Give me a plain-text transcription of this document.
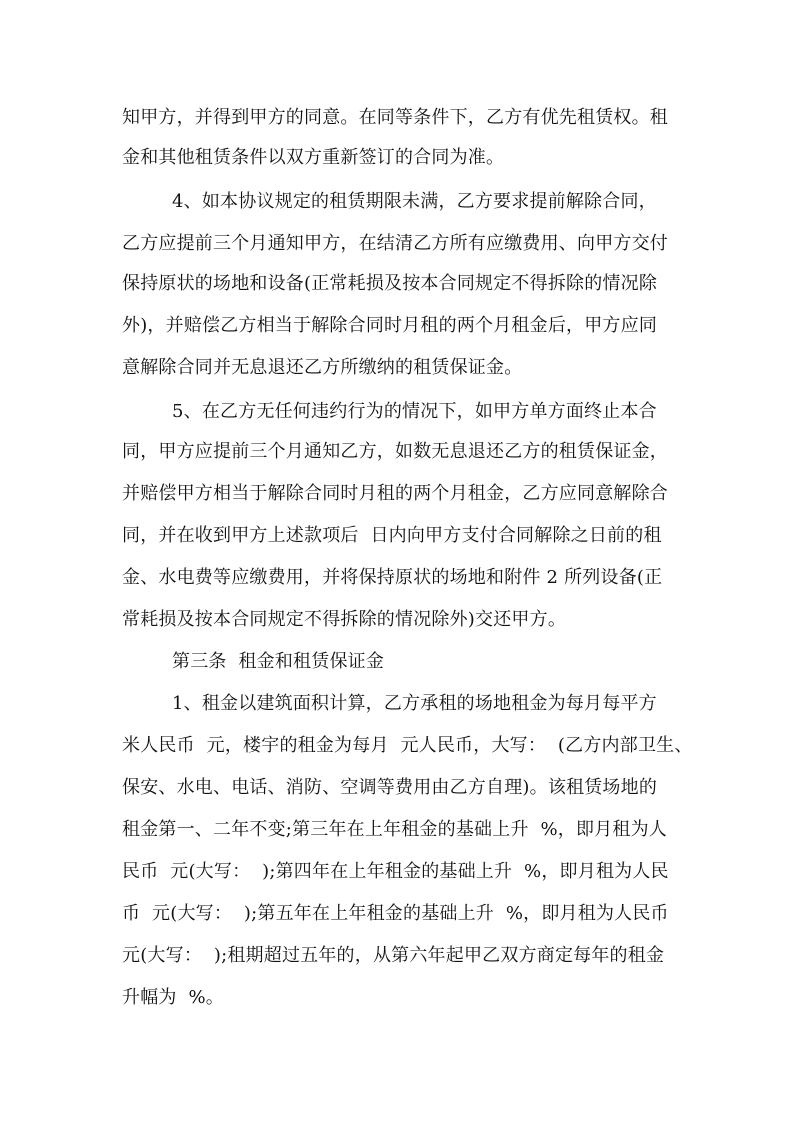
知甲方，并得到甲方的同意。在同等条件下，乙方有优先租赁权。租
金和其他租赁条件以双方重新签订的合同为准。
4、如本协议规定的租赁期限未满，乙方要求提前解除合同，
乙方应提前三个月通知甲方，在结清乙方所有应缴费用、向甲方交付
保持原状的场地和设备(正常耗损及按本合同规定不得拆除的情况除
外)，并赔偿乙方相当于解除合同时月租的两个月租金后，甲方应同
意解除合同并无息退还乙方所缴纳的租赁保证金。
5、在乙方无任何违约行为的情况下，如甲方单方面终止本合
同，甲方应提前三个月通知乙方，如数无息退还乙方的租赁保证金，
并赔偿甲方相当于解除合同时月租的两个月租金，乙方应同意解除合
同，并在收到甲方上述款项后  日内向甲方支付合同解除之日前的租
金、水电费等应缴费用，并将保持原状的场地和附件 2 所列设备(正
常耗损及按本合同规定不得拆除的情况除外)交还甲方。
第三条  租金和租赁保证金
1、租金以建筑面积计算，乙方承租的场地租金为每月每平方
米人民币  元，楼宇的租金为每月  元人民币，大写：  (乙方内部卫生、
保安、水电、电话、消防、空调等费用由乙方自理)。该租赁场地的
租金第一、二年不变;第三年在上年租金的基础上升  %，即月租为人
民币  元(大写：  );第四年在上年租金的基础上升  %，即月租为人民
币  元(大写：  );第五年在上年租金的基础上升  %，即月租为人民币
元(大写：  );租期超过五年的，从第六年起甲乙双方商定每年的租金
升幅为  %。
